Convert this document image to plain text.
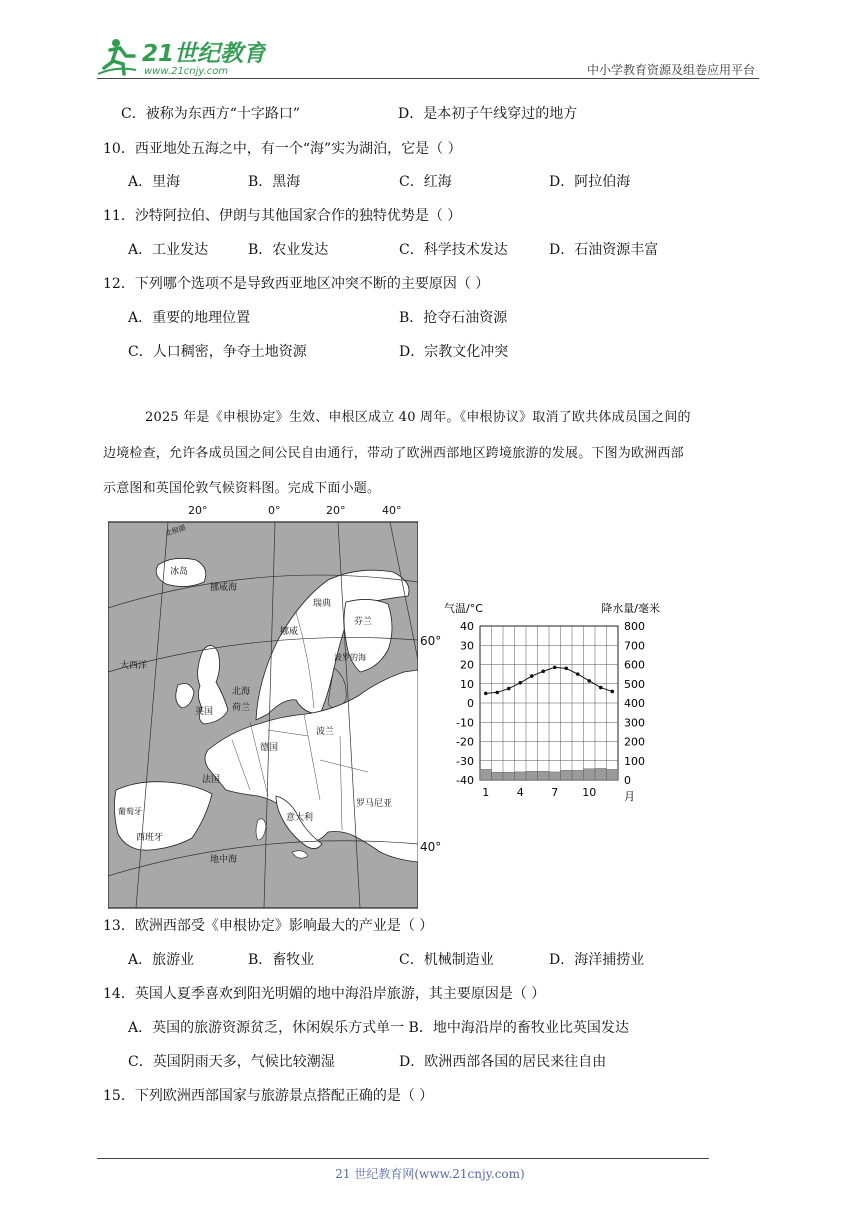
21世纪教育
www.21cnjy.com	中小学教育资源及组卷应用平台
C．被称为东西方“十字路口”	D．是本初子午线穿过的地方
10．西亚地处五海之中，有一个“海”实为湖泊，它是（ ）
A．里海	B．黑海	C．红海	D．阿拉伯海
11．沙特阿拉伯、伊朗与其他国家合作的独特优势是（ ）
A．工业发达	B．农业发达	C．科学技术发达	D．石油资源丰富
12．下列哪个选项不是导致西亚地区冲突不断的主要原因（ ）
A．重要的地理位置	B．抢夺石油资源
C．人口稠密，争夺土地资源	D．宗教文化冲突
2025 年是《申根协定》生效、申根区成立 40 周年。《申根协议》取消了欧共体成员国之间的
边境检查，允许各成员国之间公民自由通行，带动了欧洲西部地区跨境旅游的发展。下图为欧洲西部
示意图和英国伦敦气候资料图。完成下面小题。
北极圈
冰岛
挪威海
瑞典
芬兰
挪威
大西洋
北海
波罗的海
英国 荷兰
波兰
德国
法国
罗马尼亚
意大利
葡萄牙
西班牙
地中海
20°	0°	20°	40°
60°
40°
气温/°C	降水量/毫米
40
30
20
10
0
-10
-20
-30
-40
800
700
600
500
400
300
200
100
0
1	4	7 10	月
13．欧洲西部受《申根协定》影响最大的产业是（ ）
A．旅游业	B．畜牧业	C．机械制造业	D．海洋捕捞业
14．英国人夏季喜欢到阳光明媚的地中海沿岸旅游，其主要原因是（ ）
A．英国的旅游资源贫乏，休闲娱乐方式单一 B．地中海沿岸的畜牧业比英国发达
C．英国阴雨天多，气候比较潮湿	D．欧洲西部各国的居民来往自由
15．下列欧洲西部国家与旅游景点搭配正确的是（ ）
21 世纪教育网(www.21cnjy.com)
